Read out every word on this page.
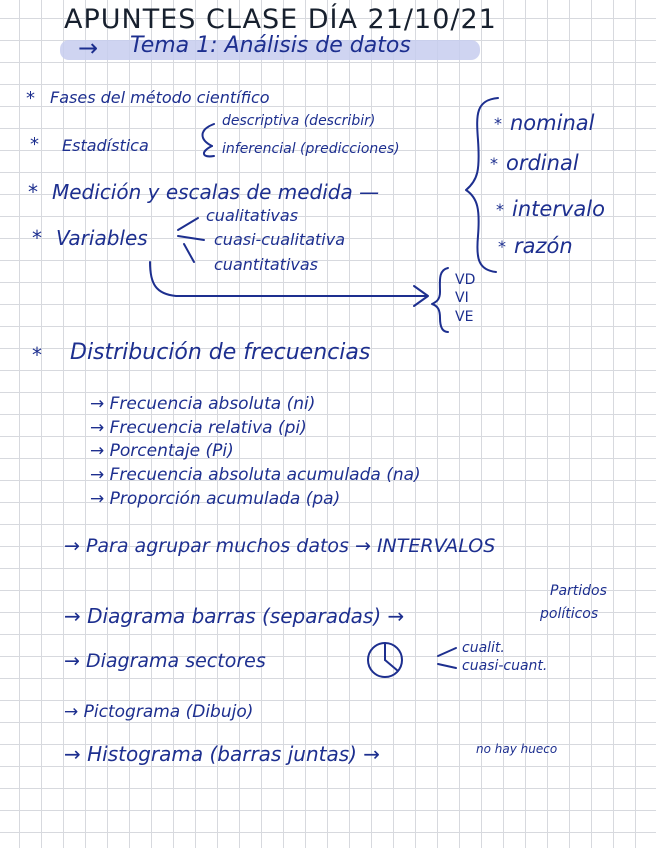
APUNTES CLASE DÍA 21/10/21
→ Tema 1: Análisis de datos
*
*
*
*
Fases del método científico
Estadística
descriptiva (describir)
inferencial (predicciones)
Medición y escalas de medida —
Variables
cualitativas
cuasi-cualitativa
cuantitativas
nominal
ordinal
intervalo
razón
*
*
*
*
VD
VI
VE
* Distribución de frecuencias
→ Frecuencia absoluta (ni)
→ Frecuencia relativa (pi)
→ Porcentaje (Pi)
→ Frecuencia absoluta acumulada (na)
→ Proporción acumulada (pa)
→ Para agrupar muchos datos → INTERVALOS
→ Diagrama barras (separadas) →
Partidos
políticos
→ Diagrama sectores
cualit.
cuasi-cuant.
→ Pictograma (Dibujo)
→ Histograma (barras juntas) →	no hay hueco
